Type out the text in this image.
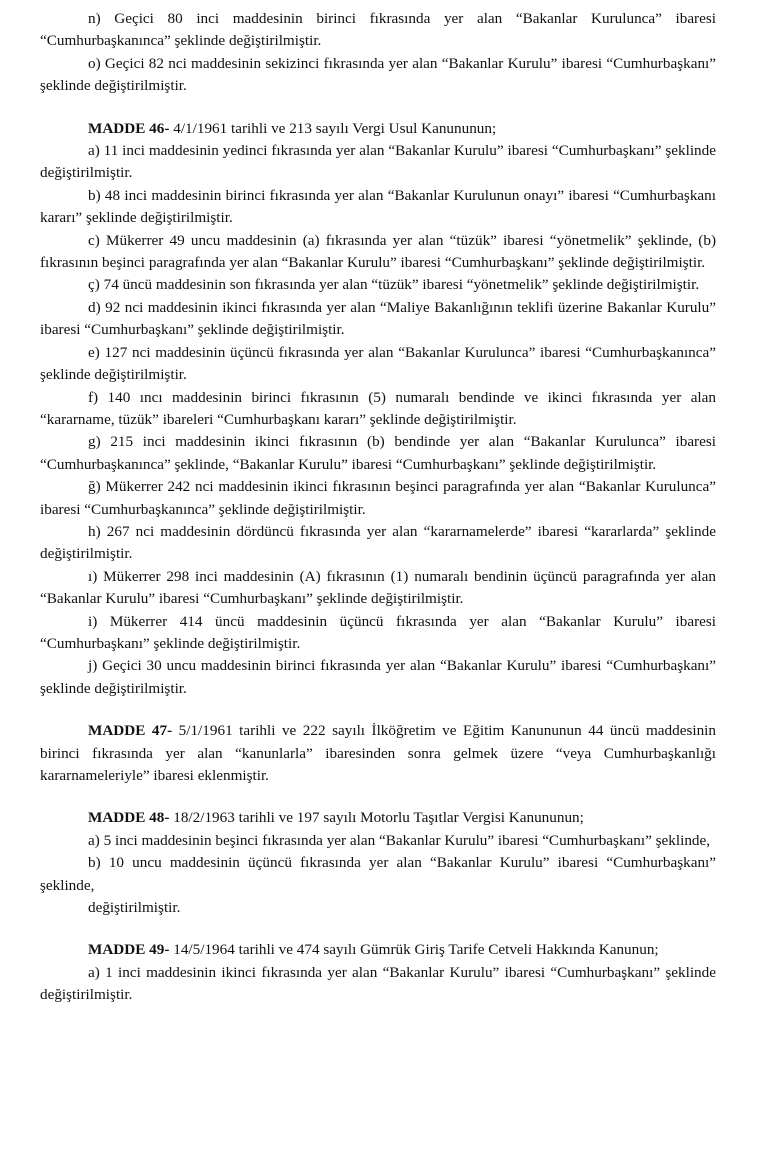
n) Geçici 80 inci maddesinin birinci fıkrasında yer alan “Bakanlar Kurulunca” ibaresi “Cumhurbaşkanınca” şeklinde değiştirilmiştir.

o) Geçici 82 nci maddesinin sekizinci fıkrasında yer alan “Bakanlar Kurulu” ibaresi “Cumhurbaşkanı” şeklinde değiştirilmiştir.

MADDE 46- 4/1/1961 tarihli ve 213 sayılı Vergi Usul Kanununun;

a) 11 inci maddesinin yedinci fıkrasında yer alan “Bakanlar Kurulu” ibaresi “Cumhurbaşkanı” şeklinde değiştirilmiştir.

b) 48 inci maddesinin birinci fıkrasında yer alan “Bakanlar Kurulunun onayı” ibaresi “Cumhurbaşkanı kararı” şeklinde değiştirilmiştir.

c) Mükerrer 49 uncu maddesinin (a) fıkrasında yer alan “tüzük” ibaresi “yönetmelik” şeklinde, (b) fıkrasının beşinci paragrafında yer alan “Bakanlar Kurulu” ibaresi “Cumhurbaşkanı” şeklinde değiştirilmiştir.

ç) 74 üncü maddesinin son fıkrasında yer alan “tüzük” ibaresi “yönetmelik” şeklinde değiştirilmiştir.

d) 92 nci maddesinin ikinci fıkrasında yer alan “Maliye Bakanlığının teklifi üzerine Bakanlar Kurulu” ibaresi “Cumhurbaşkanı” şeklinde değiştirilmiştir.

e) 127 nci maddesinin üçüncü fıkrasında yer alan “Bakanlar Kurulunca” ibaresi “Cumhurbaşkanınca” şeklinde değiştirilmiştir.

f) 140 ıncı maddesinin birinci fıkrasının (5) numaralı bendinde ve ikinci fıkrasında yer alan “kararname, tüzük” ibareleri “Cumhurbaşkanı kararı” şeklinde değiştirilmiştir.

g) 215 inci maddesinin ikinci fıkrasının (b) bendinde yer alan “Bakanlar Kurulunca” ibaresi “Cumhurbaşkanınca” şeklinde, “Bakanlar Kurulu” ibaresi “Cumhurbaşkanı” şeklinde değiştirilmiştir.

ğ) Mükerrer 242 nci maddesinin ikinci fıkrasının beşinci paragrafında yer alan “Bakanlar Kurulunca” ibaresi “Cumhurbaşkanınca” şeklinde değiştirilmiştir.

h) 267 nci maddesinin dördüncü fıkrasında yer alan “kararnamelerde” ibaresi “kararlarda” şeklinde değiştirilmiştir.

ı) Mükerrer 298 inci maddesinin (A) fıkrasının (1) numaralı bendinin üçüncü paragrafında yer alan “Bakanlar Kurulu” ibaresi “Cumhurbaşkanı” şeklinde değiştirilmiştir.

i) Mükerrer 414 üncü maddesinin üçüncü fıkrasında yer alan “Bakanlar Kurulu” ibaresi “Cumhurbaşkanı” şeklinde değiştirilmiştir.

j) Geçici 30 uncu maddesinin birinci fıkrasında yer alan “Bakanlar Kurulu” ibaresi “Cumhurbaşkanı” şeklinde değiştirilmiştir.

MADDE 47- 5/1/1961 tarihli ve 222 sayılı İlköğretim ve Eğitim Kanununun 44 üncü maddesinin birinci fıkrasında yer alan “kanunlarla” ibaresinden sonra gelmek üzere “veya Cumhurbaşkanlığı kararnameleriyle” ibaresi eklenmiştir.

MADDE 48- 18/2/1963 tarihli ve 197 sayılı Motorlu Taşıtlar Vergisi Kanununun;

a) 5 inci maddesinin beşinci fıkrasında yer alan “Bakanlar Kurulu” ibaresi “Cumhurbaşkanı” şeklinde,

b) 10 uncu maddesinin üçüncü fıkrasında yer alan “Bakanlar Kurulu” ibaresi “Cumhurbaşkanı” şeklinde,

değiştirilmiştir.

MADDE 49- 14/5/1964 tarihli ve 474 sayılı Gümrük Giriş Tarife Cetveli Hakkında Kanunun;

a) 1 inci maddesinin ikinci fıkrasında yer alan “Bakanlar Kurulu” ibaresi “Cumhurbaşkanı” şeklinde değiştirilmiştir.
